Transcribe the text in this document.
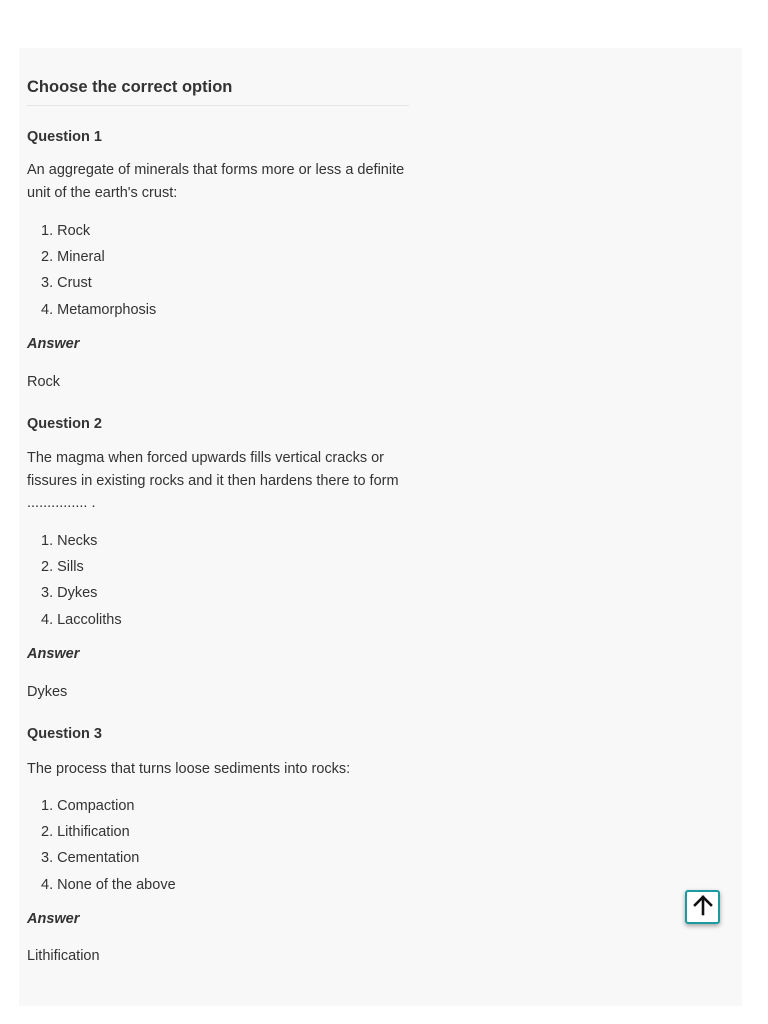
Choose the correct option
Question 1
An aggregate of minerals that forms more or less a definite unit of the earth's crust:
1. Rock
2. Mineral
3. Crust
4. Metamorphosis
Answer
Rock
Question 2
The magma when forced upwards fills vertical cracks or fissures in existing rocks and it then hardens there to form ............... .
1. Necks
2. Sills
3. Dykes
4. Laccoliths
Answer
Dykes
Question 3
The process that turns loose sediments into rocks:
1. Compaction
2. Lithification
3. Cementation
4. None of the above
Answer
Lithification
